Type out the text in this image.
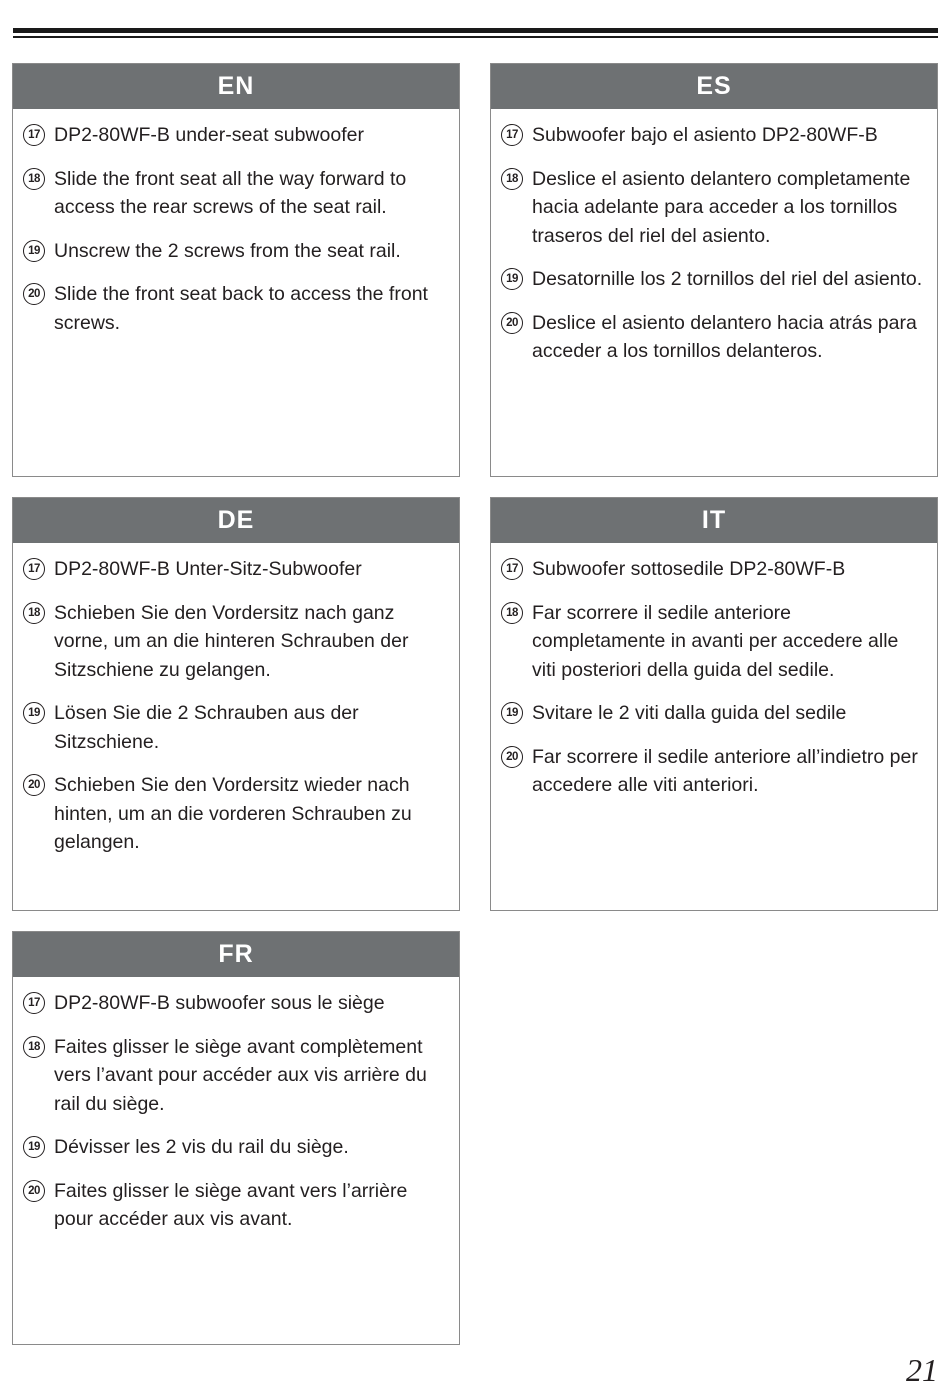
EN
17 DP2-80WF-B under-seat subwoofer
18 Slide the front seat all the way forward to access the rear screws of the seat rail.
19 Unscrew the 2 screws from the seat rail.
20 Slide the front seat back to access the front screws.
ES
17 Subwoofer bajo el asiento DP2-80WF-B
18 Deslice el asiento delantero completamente hacia adelante para acceder a los tornillos traseros del riel del asiento.
19 Desatornille los 2 tornillos del riel del asiento.
20 Deslice el asiento delantero hacia atrás para acceder a los tornillos delanteros.
DE
17 DP2-80WF-B Unter-Sitz-Subwoofer
18 Schieben Sie den Vordersitz nach ganz vorne, um an die hinteren Schrauben der Sitzschiene zu gelangen.
19 Lösen Sie die 2 Schrauben aus der Sitzschiene.
20 Schieben Sie den Vordersitz wieder nach hinten, um an die vorderen Schrauben zu gelangen.
IT
17 Subwoofer sottosedile DP2-80WF-B
18 Far scorrere il sedile anteriore completamente in avanti per accedere alle viti posteriori della guida del sedile.
19 Svitare le 2 viti dalla guida del sedile
20 Far scorrere il sedile anteriore all’indietro per accedere alle viti anteriori.
FR
17 DP2-80WF-B subwoofer sous le siège
18 Faites glisser le siège avant complètement vers l’avant pour accéder aux vis arrière du rail du siège.
19 Dévisser les 2 vis du rail du siège.
20 Faites glisser le siège avant vers l’arrière pour accéder aux vis avant.
21
